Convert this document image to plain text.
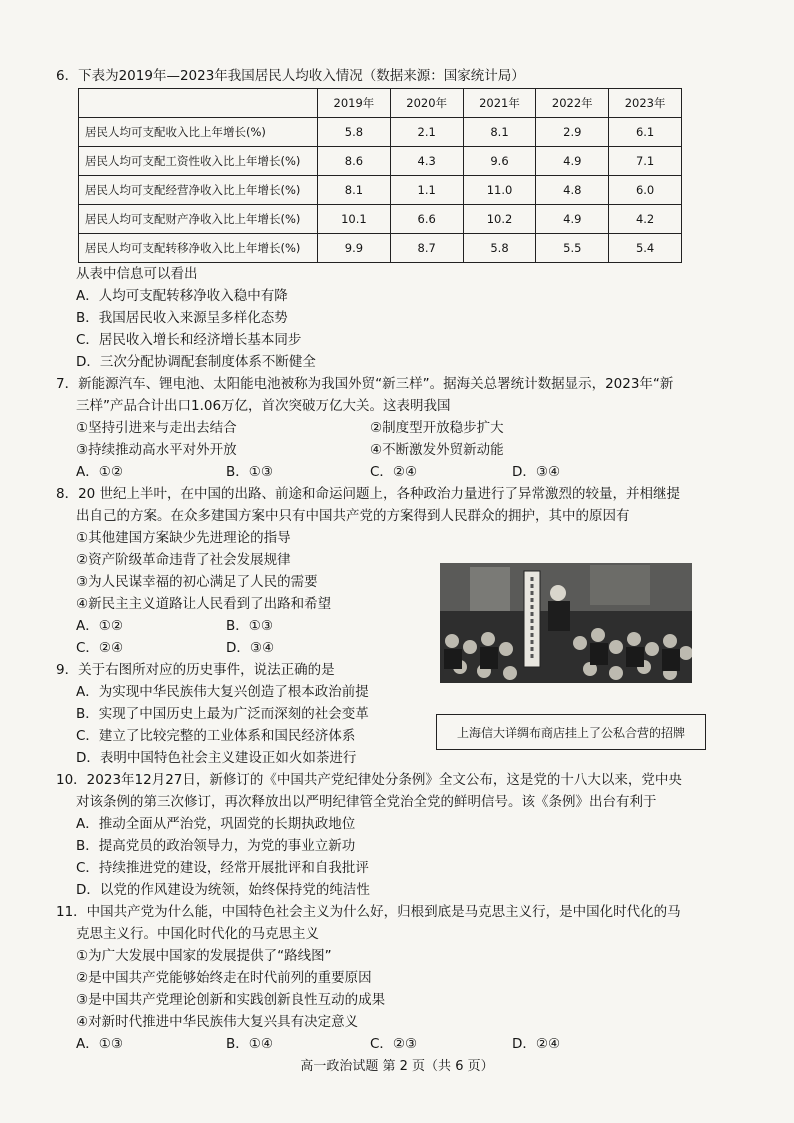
6．下表为2019年—2023年我国居民人均收入情况（数据来源：国家统计局）
	2019年	2020年	2021年	2022年	2023年
居民人均可支配收入比上年增长(%)	5.8	2.1	8.1	2.9	6.1
居民人均可支配工资性收入比上年增长(%)	8.6	4.3	9.6	4.9	7.1
居民人均可支配经营净收入比上年增长(%)	8.1	1.1	11.0	4.8	6.0
居民人均可支配财产净收入比上年增长(%)	10.1	6.6	10.2	4.9	4.2
居民人均可支配转移净收入比上年增长(%)	9.9	8.7	5.8	5.5	5.4
从表中信息可以看出
A．人均可支配转移净收入稳中有降
B．我国居民收入来源呈多样化态势
C．居民收入增长和经济增长基本同步
D．三次分配协调配套制度体系不断健全
7．新能源汽车、锂电池、太阳能电池被称为我国外贸“新三样”。据海关总署统计数据显示，2023年“新
三样”产品合计出口1.06万亿，首次突破万亿大关。这表明我国
①坚持引进来与走出去结合	②制度型开放稳步扩大
③持续推动高水平对外开放	④不断激发外贸新动能
A．①②	B．①③	C．②④	D．③④
8．20 世纪上半叶，在中国的出路、前途和命运问题上，各种政治力量进行了异常激烈的较量，并相继提
出自己的方案。在众多建国方案中只有中国共产党的方案得到人民群众的拥护，其中的原因有
①其他建国方案缺少先进理论的指导
②资产阶级革命违背了社会发展规律
③为人民谋幸福的初心满足了人民的需要
④新民主主义道路让人民看到了出路和希望
A．①②	B．①③
C．②④	D．③④
9．关于右图所对应的历史事件，说法正确的是
A．为实现中华民族伟大复兴创造了根本政治前提
B．实现了中国历史上最为广泛而深刻的社会变革
C．建立了比较完整的工业体系和国民经济体系
D．表明中国特色社会主义建设正如火如荼进行
上海信大详绸布商店挂上了公私合营的招牌
10．2023年12月27日，新修订的《中国共产党纪律处分条例》全文公布，这是党的十八大以来，党中央
对该条例的第三次修订，再次释放出以严明纪律管全党治全党的鲜明信号。该《条例》出台有利于
A．推动全面从严治党，巩固党的长期执政地位
B．提高党员的政治领导力，为党的事业立新功
C．持续推进党的建设，经常开展批评和自我批评
D．以党的作风建设为统领，始终保持党的纯洁性
11．中国共产党为什么能，中国特色社会主义为什么好，归根到底是马克思主义行，是中国化时代化的马
克思主义行。中国化时代化的马克思主义
①为广大发展中国家的发展提供了“路线图”
②是中国共产党能够始终走在时代前列的重要原因
③是中国共产党理论创新和实践创新良性互动的成果
④对新时代推进中华民族伟大复兴具有决定意义
A．①③	B．①④	C．②③	D．②④
高一政治试题 第 2 页（共 6 页）
